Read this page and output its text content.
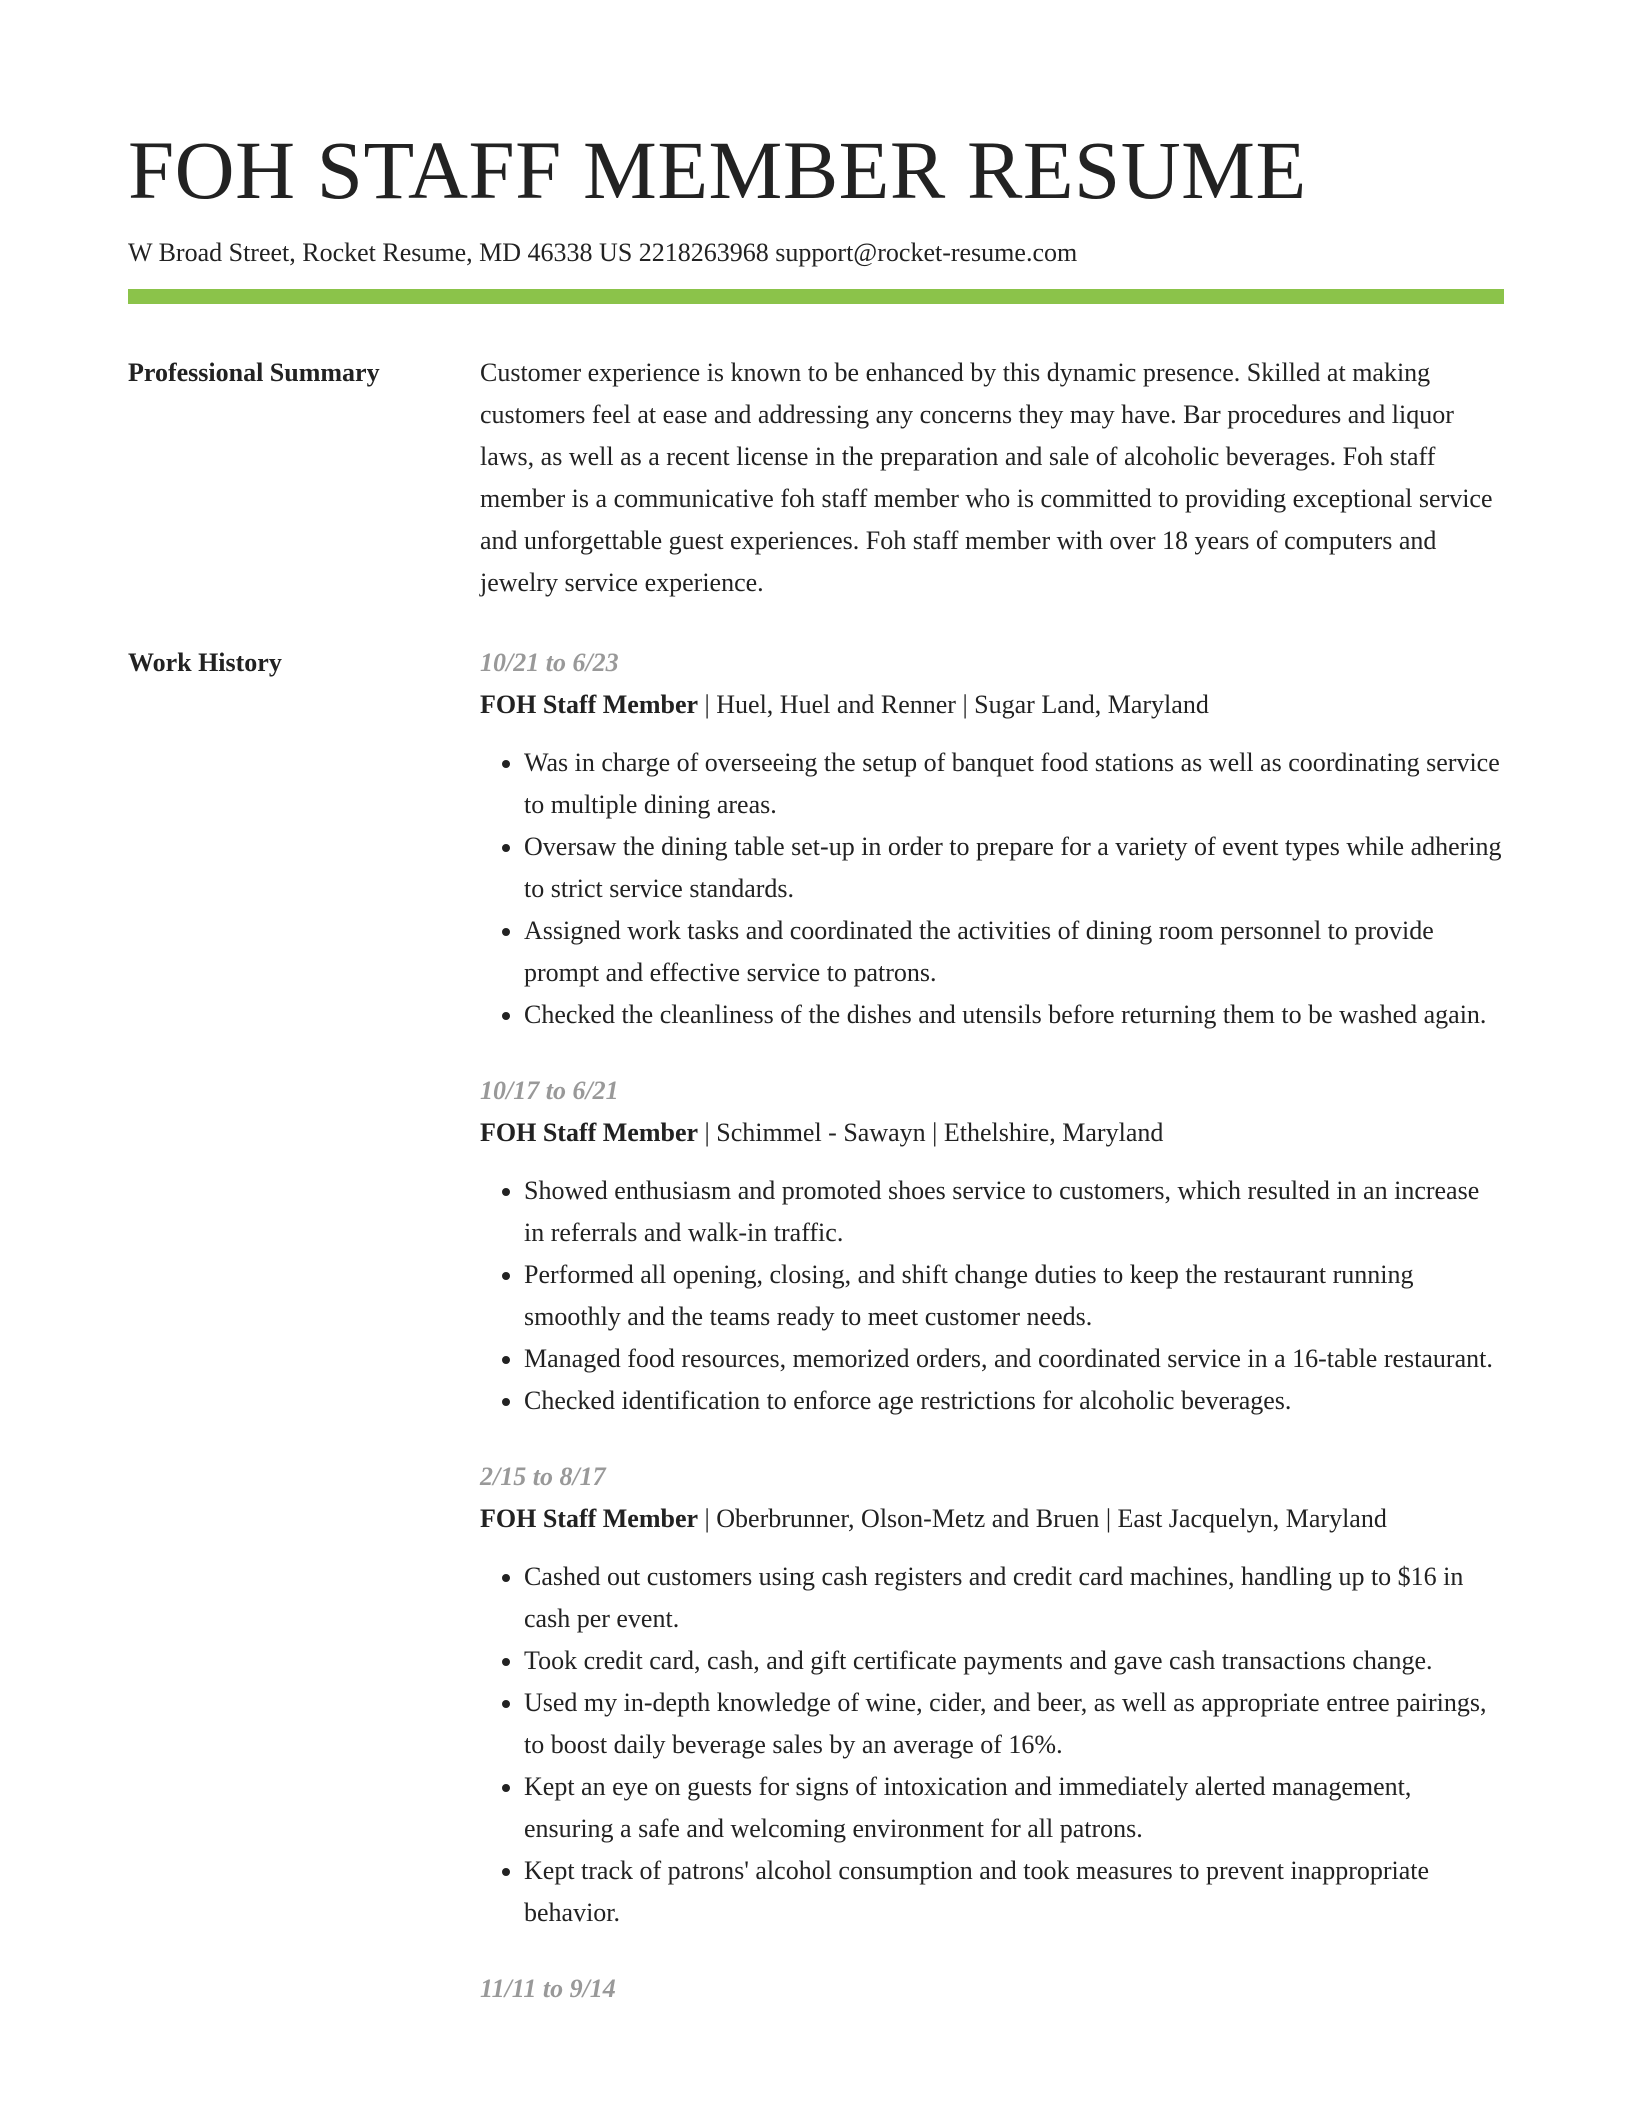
FOH STAFF MEMBER RESUME
W Broad Street, Rocket Resume, MD 46338 US 2218263968 support@rocket-resume.com
Professional Summary	Customer experience is known to be enhanced by this dynamic presence. Skilled at making customers feel at ease and addressing any concerns they may have. Bar procedures and liquor laws, as well as a recent license in the preparation and sale of alcoholic beverages. Foh staff member is a communicative foh staff member who is committed to providing exceptional service and unforgettable guest experiences. Foh staff member with over 18 years of computers and jewelry service experience.

Work History	10/21 to 6/23
FOH Staff Member | Huel, Huel and Renner | Sugar Land, Maryland
• Was in charge of overseeing the setup of banquet food stations as well as coordinating service to multiple dining areas.
• Oversaw the dining table set-up in order to prepare for a variety of event types while adhering to strict service standards.
• Assigned work tasks and coordinated the activities of dining room personnel to provide prompt and effective service to patrons.
• Checked the cleanliness of the dishes and utensils before returning them to be washed again.
10/17 to 6/21
FOH Staff Member | Schimmel - Sawayn | Ethelshire, Maryland
• Showed enthusiasm and promoted shoes service to customers, which resulted in an increase in referrals and walk-in traffic.
• Performed all opening, closing, and shift change duties to keep the restaurant running smoothly and the teams ready to meet customer needs.
• Managed food resources, memorized orders, and coordinated service in a 16-table restaurant.
• Checked identification to enforce age restrictions for alcoholic beverages.
2/15 to 8/17
FOH Staff Member | Oberbrunner, Olson-Metz and Bruen | East Jacquelyn, Maryland
• Cashed out customers using cash registers and credit card machines, handling up to $16 in cash per event.
• Took credit card, cash, and gift certificate payments and gave cash transactions change.
• Used my in-depth knowledge of wine, cider, and beer, as well as appropriate entree pairings, to boost daily beverage sales by an average of 16%.
• Kept an eye on guests for signs of intoxication and immediately alerted management, ensuring a safe and welcoming environment for all patrons.
• Kept track of patrons' alcohol consumption and took measures to prevent inappropriate behavior.
11/11 to 9/14
